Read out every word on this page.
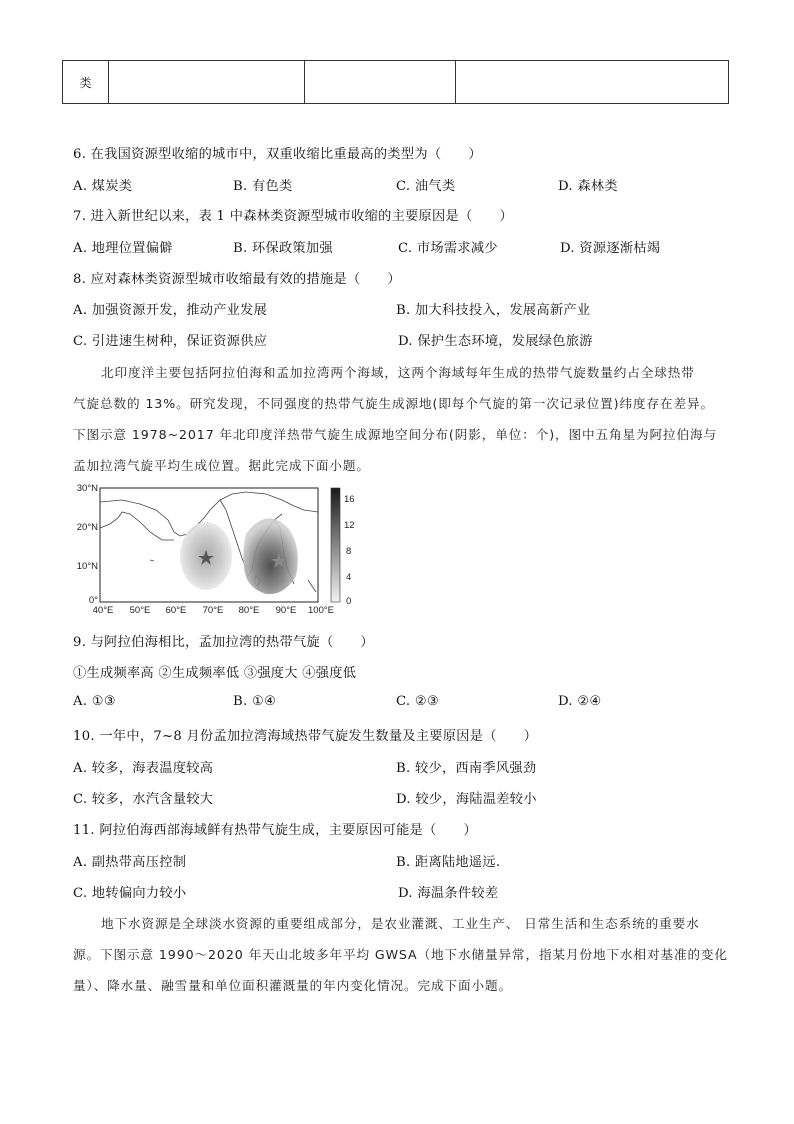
类			
6. 在我国资源型收缩的城市中，双重收缩比重最高的类型为（　　）
A. 煤炭类	B. 有色类	C. 油气类	D. 森林类
7. 进入新世纪以来，表 1 中森林类资源型城市收缩的主要原因是（　　）
A. 地理位置偏僻	B. 环保政策加强	C. 市场需求减少	D. 资源逐渐枯竭
8. 应对森林类资源型城市收缩最有效的措施是（　　）
A. 加强资源开发，推动产业发展	B. 加大科技投入，发展高新产业
C. 引进速生树种，保证资源供应	D. 保护生态环境，发展绿色旅游
北印度洋主要包括阿拉伯海和孟加拉湾两个海域，这两个海域每年生成的热带气旋数量约占全球热带
气旋总数的 13%。研究发现，不同强度的热带气旋生成源地(即每个气旋的第一次记录位置)纬度存在差异。
下图示意 1978~2017 年北印度洋热带气旋生成源地空间分布(阴影，单位：个)，图中五角星为阿拉伯海与
孟加拉湾气旋平均生成位置。据此完成下面小题。
30°N
20°N
10°N
0°
40°E 50°E 60°E 70°E 80°E 90°E 100°E
16
12
8
4
0
9. 与阿拉伯海相比，孟加拉湾的热带气旋（　　）
①生成频率高 ②生成频率低 ③强度大 ④强度低
A. ①③	B. ①④	C. ②③	D. ②④
10. 一年中，7~8 月份孟加拉湾海域热带气旋发生数量及主要原因是（　　）
A. 较多，海表温度较高	B. 较少，西南季风强劲
C. 较多，水汽含量较大	D. 较少，海陆温差较小
11. 阿拉伯海西部海域鲜有热带气旋生成，主要原因可能是（　　）
A. 副热带高压控制	B. 距离陆地遥远.
C. 地转偏向力较小	D. 海温条件较差
地下水资源是全球淡水资源的重要组成部分，是农业灌溉、工业生产、 日常生活和生态系统的重要水
源。下图示意 1990～2020 年天山北坡多年平均 GWSA（地下水储量异常，指某月份地下水相对基准的变化
量）、降水量、融雪量和单位面积灌溉量的年内变化情况。完成下面小题。
